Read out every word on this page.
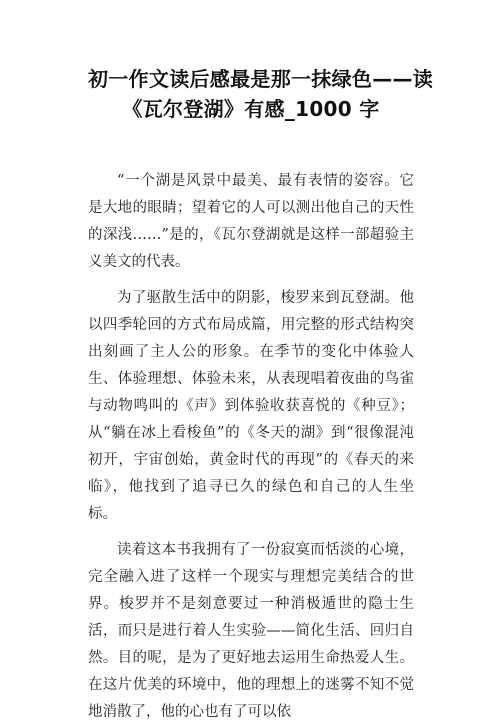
初一作文读后感最是那一抹绿色——读
《瓦尔登湖》有感_1000 字

“一个湖是风景中最美、最有表情的姿容。它是大地的眼睛；望着它的人可以测出他自己的天性的深浅……”是的，《瓦尔登湖就是这样一部超验主义美文的代表。

为了驱散生活中的阴影，梭罗来到瓦登湖。他以四季轮回的方式布局成篇，用完整的形式结构突出刻画了主人公的形象。在季节的变化中体验人生、体验理想、体验未来，从表现唱着夜曲的鸟雀与动物鸣叫的《声》到体验收获喜悦的《种豆》；从“躺在冰上看梭鱼”的《冬天的湖》到“很像混沌初开，宇宙创始，黄金时代的再现”的《春天的来临》，他找到了追寻已久的绿色和自己的人生坐标。

读着这本书我拥有了一份寂寞而恬淡的心境，完全融入进了这样一个现实与理想完美结合的世界。梭罗并不是刻意要过一种消极遁世的隐士生活，而只是进行着人生实验——简化生活、回归自然。目的呢，是为了更好地去运用生命热爱人生。在这片优美的环境中，他的理想上的迷雾不知不觉地消散了，他的心也有了可以依
